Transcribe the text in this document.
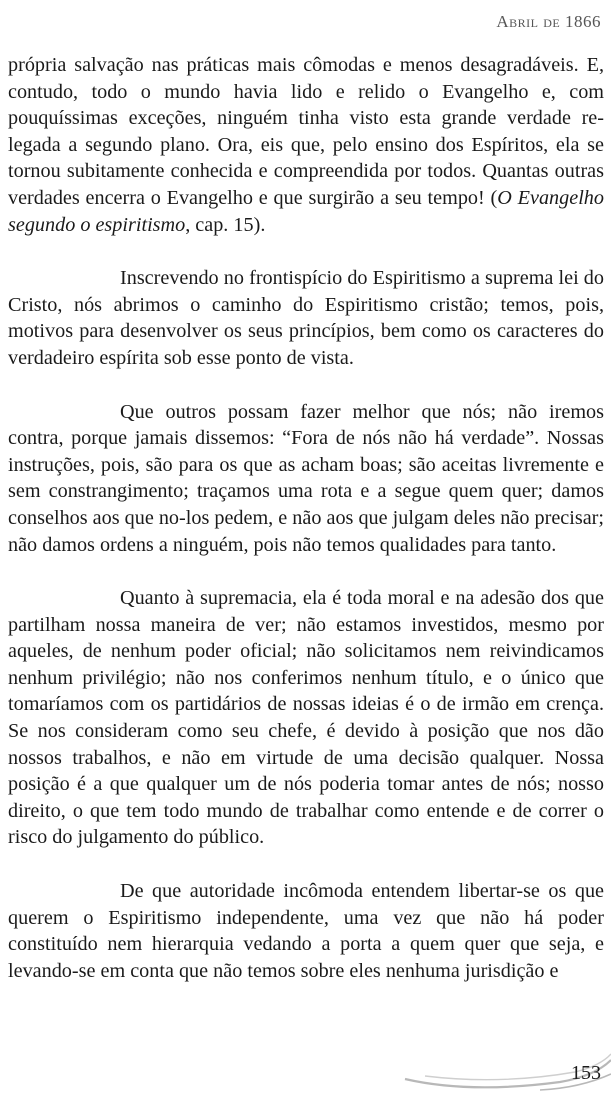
Abril de 1866

própria salvação nas práticas mais cômodas e menos desagradáveis. E, contudo, todo o mundo havia lido e relido o Evangelho e, com pouquíssimas exceções, ninguém tinha visto esta grande verdade relegada a segundo plano. Ora, eis que, pelo ensino dos Espíritos, ela se tornou subitamente conhecida e compreendida por todos. Quantas outras verdades encerra o Evangelho e que surgirão a seu tempo! (O Evangelho segundo o espiritismo, cap. 15).

Inscrevendo no frontispício do Espiritismo a suprema lei do Cristo, nós abrimos o caminho do Espiritismo cristão; temos, pois, motivos para desenvolver os seus princípios, bem como os caracteres do verdadeiro espírita sob esse ponto de vista.

Que outros possam fazer melhor que nós; não iremos contra, porque jamais dissemos: “Fora de nós não há verdade”. Nossas instruções, pois, são para os que as acham boas; são aceitas livremente e sem constrangimento; traçamos uma rota e a segue quem quer; damos conselhos aos que no-los pedem, e não aos que julgam deles não precisar; não damos ordens a ninguém, pois não temos qualidades para tanto.

Quanto à supremacia, ela é toda moral e na adesão dos que partilham nossa maneira de ver; não estamos investidos, mesmo por aqueles, de nenhum poder oficial; não solicitamos nem reivindicamos nenhum privilégio; não nos conferimos nenhum título, e o único que tomaríamos com os partidários de nossas ideias é o de irmão em crença. Se nos consideram como seu chefe, é devido à posição que nos dão nossos trabalhos, e não em virtude de uma decisão qualquer. Nossa posição é a que qualquer um de nós poderia tomar antes de nós; nosso direito, o que tem todo mundo de trabalhar como entende e de correr o risco do julgamento do público.

De que autoridade incômoda entendem libertar-se os que querem o Espiritismo independente, uma vez que não há poder constituído nem hierarquia vedando a porta a quem quer que seja, e levando-se em conta que não temos sobre eles nenhuma jurisdição e

153
